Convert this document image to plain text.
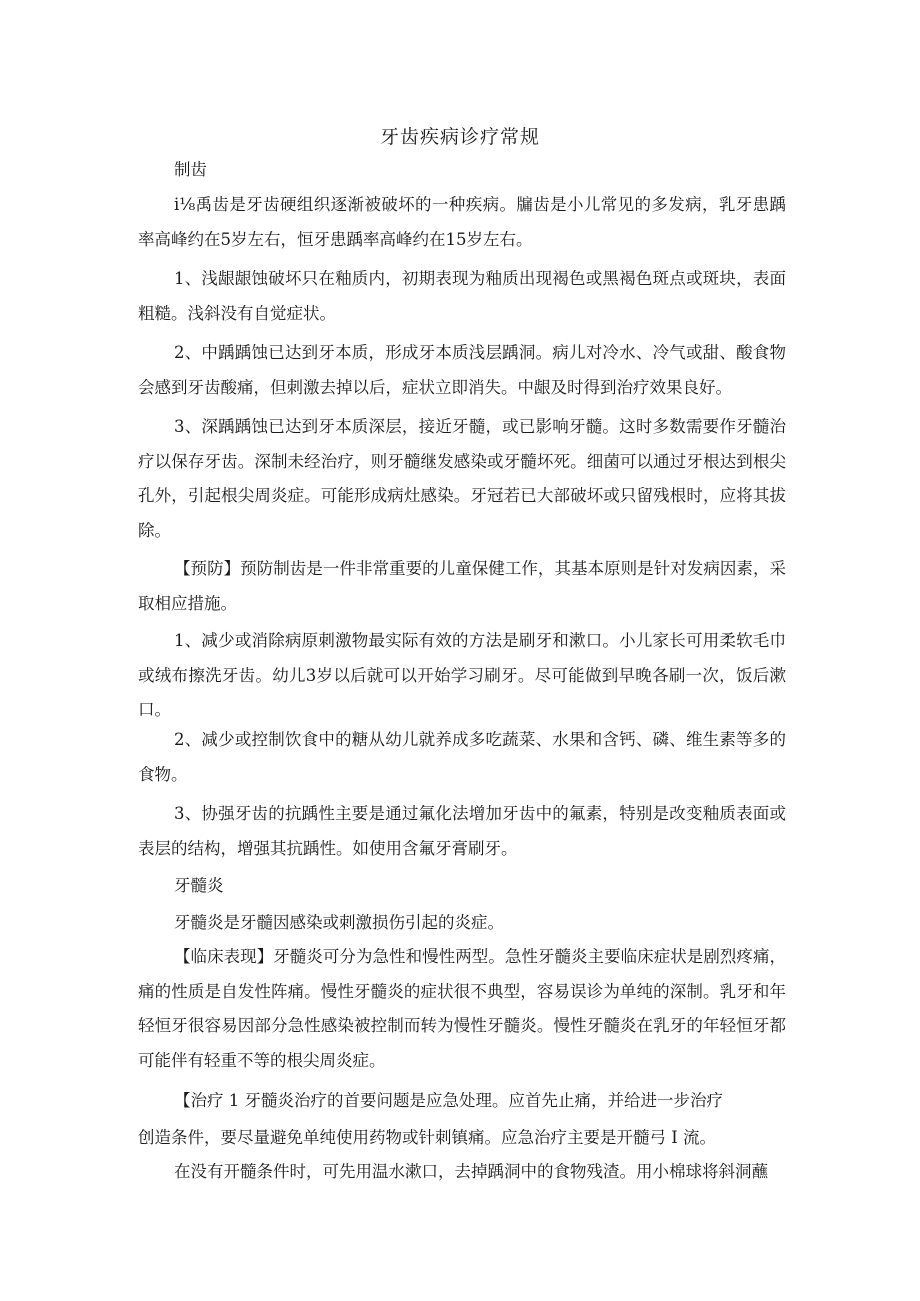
牙齿疾病诊疗常规

制齿

i⅛禹齿是牙齿硬组织逐渐被破坏的一种疾病。牖齿是小儿常见的多发病，乳牙患踽率高峰约在5岁左右，恒牙患踽率高峰约在15岁左右。

1、浅龈龈蚀破坏只在釉质内，初期表现为釉质出现褐色或黑褐色斑点或斑块，表面粗糙。浅斜没有自觉症状。

2、中踽踽蚀已达到牙本质，形成牙本质浅层踽洞。病儿对冷水、冷气或甜、酸食物会感到牙齿酸痛，但刺激去掉以后，症状立即消失。中龈及时得到治疗效果良好。

3、深踽踽蚀已达到牙本质深层，接近牙髓，或已影响牙髓。这时多数需要作牙髓治疗以保存牙齿。深制未经治疗，则牙髓继发感染或牙髓坏死。细菌可以通过牙根达到根尖孔外，引起根尖周炎症。可能形成病灶感染。牙冠若已大部破坏或只留残根时，应将其拔除。

【预防】预防制齿是一件非常重要的儿童保健工作，其基本原则是针对发病因素，采取相应措施。

1、减少或消除病原刺激物最实际有效的方法是刷牙和漱口。小儿家长可用柔软毛巾或绒布擦洗牙齿。幼儿3岁以后就可以开始学习刷牙。尽可能做到早晚各刷一次，饭后漱口。

2、减少或控制饮食中的糖从幼儿就养成多吃蔬菜、水果和含钙、磷、维生素等多的食物。

3、协强牙齿的抗踽性主要是通过氟化法增加牙齿中的氟素，特别是改变釉质表面或表层的结构，增强其抗踽性。如使用含氟牙膏刷牙。

牙髓炎

牙髓炎是牙髓因感染或刺激损伤引起的炎症。

【临床表现】牙髓炎可分为急性和慢性两型。急性牙髓炎主要临床症状是剧烈疼痛，痛的性质是自发性阵痛。慢性牙髓炎的症状很不典型，容易误诊为单纯的深制。乳牙和年轻恒牙很容易因部分急性感染被控制而转为慢性牙髓炎。慢性牙髓炎在乳牙的年轻恒牙都可能伴有轻重不等的根尖周炎症。

【治疗 1 牙髓炎治疗的首要问题是应急处理。应首先止痛，并给进一步治疗

创造条件，要尽量避免单纯使用药物或针刺镇痛。应急治疗主要是开髓弓 I 流。

在没有开髓条件时，可先用温水漱口，去掉踽洞中的食物残渣。用小棉球将斜洞蘸
